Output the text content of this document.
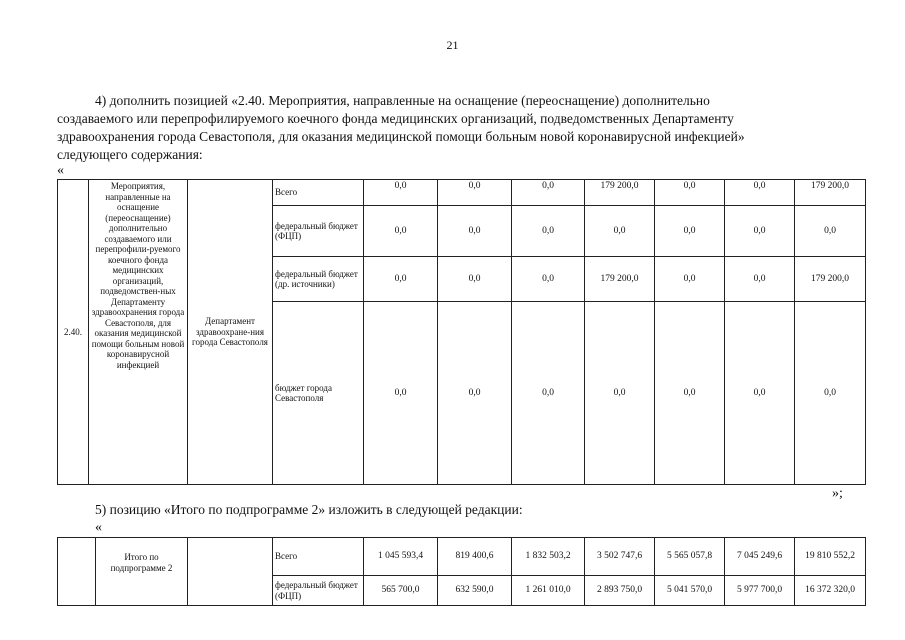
21
4) дополнить позицией «2.40. Мероприятия, направленные на оснащение (переоснащение) дополнительно
создаваемого или перепрофилируемого коечного фонда медицинских организаций, подведомственных Департаменту
здравоохранения города Севастополя, для оказания медицинской помощи больным новой коронавирусной инфекцией»
следующего содержания:
«
2.40.	Мероприятия, направленные на оснащение (переоснащение) дополнительно создаваемого или перепрофили-руемого коечного фонда медицинских организаций, подведомствен-ных Департаменту здравоохранения города Севастополя, для оказания медицинской помощи больным новой коронавирусной инфекцией	Департамент здравоохране-ния города Севастополя	Всего	0,0	0,0	0,0	179 200,0	0,0	0,0	179 200,0
			федеральный бюджет (ФЦП)	0,0	0,0	0,0	0,0	0,0	0,0	0,0
			федеральный бюджет (др. источники)	0,0	0,0	0,0	179 200,0	0,0	0,0	179 200,0
			бюджет города Севастополя	0,0	0,0	0,0	0,0	0,0	0,0	0,0
»;
5) позицию «Итого по подпрограмме 2» изложить в следующей редакции:
«
	Итого по подпрограмме 2		Всего	1 045 593,4	819 400,6	1 832 503,2	3 502 747,6	5 565 057,8	7 045 249,6	19 810 552,2
			федеральный бюджет (ФЦП)	565 700,0	632 590,0	1 261 010,0	2 893 750,0	5 041 570,0	5 977 700,0	16 372 320,0
